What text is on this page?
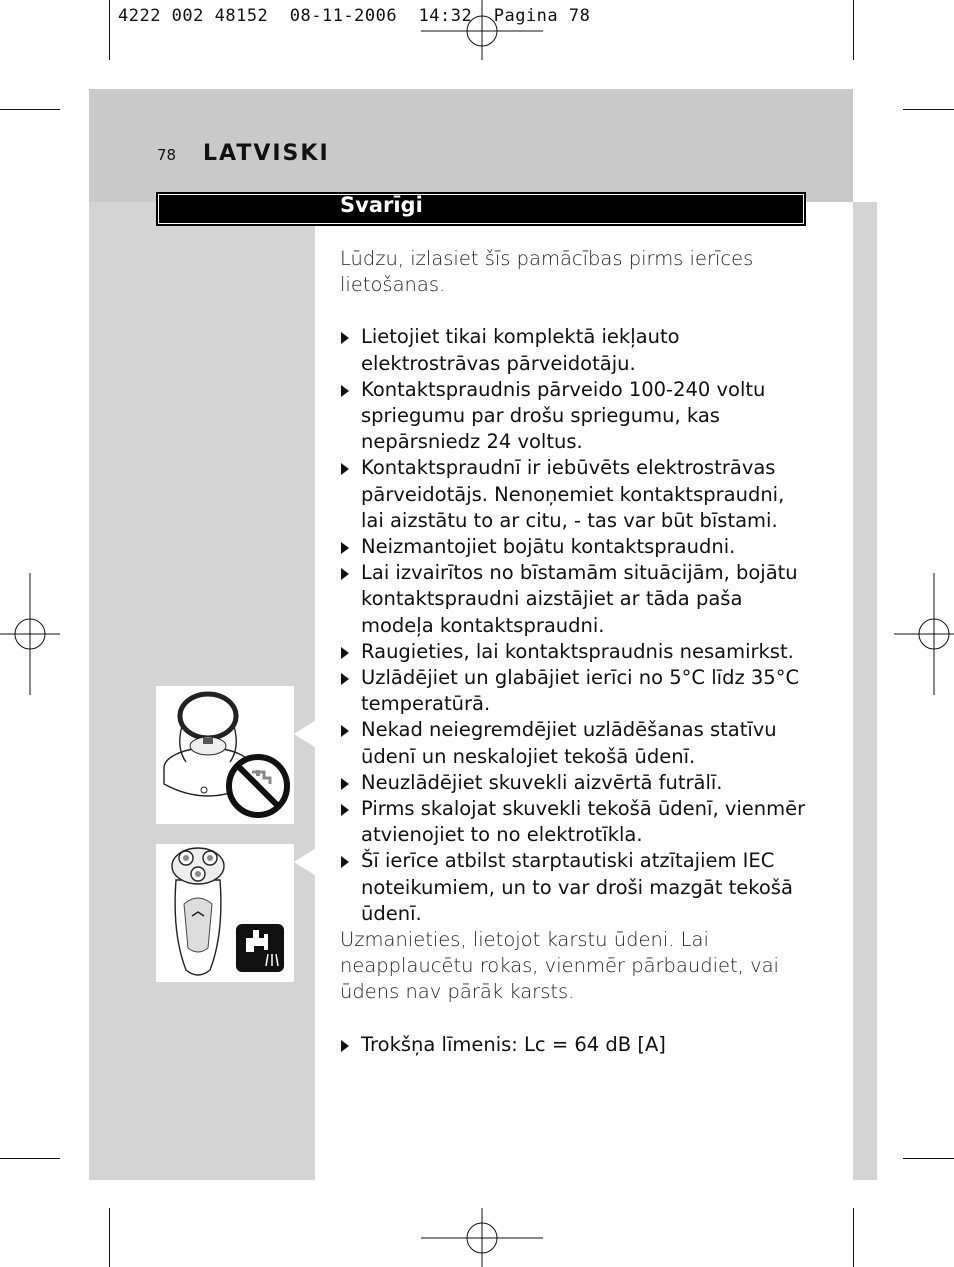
4222 002 48152  08-11-2006  14:32  Pagina 78
78 LATVISKI
Svarīgi

Lūdzu, izlasiet šīs pamācības pirms ierīces lietošanas.

Lietojiet tikai komplektā iekļauto elektrostrāvas pārveidotāju.

Kontaktspraudnis pārveido 100-240 voltu spriegumu par drošu spriegumu, kas nepārsniedz 24 voltus.

Kontaktspraudnī ir iebūvēts elektrostrāvas pārveidotājs. Nenoņemiet kontaktspraudni, lai aizstātu to ar citu, - tas var būt bīstami.

Neizmantojiet bojātu kontaktspraudni.

Lai izvairītos no bīstamām situācijām, bojātu kontaktspraudni aizstājiet ar tāda paša modeļa kontaktspraudni.

Raugieties, lai kontaktspraudnis nesamirkst.

Uzlādējiet un glabājiet ierīci no 5°C līdz 35°C temperatūrā.

Nekad neiegremdējiet uzlādēšanas statīvu ūdenī un neskalojiet tekošā ūdenī.

Neuzlādējiet skuvekli aizvērtā futrālī.

Pirms skalojat skuvekli tekošā ūdenī, vienmēr atvienojiet to no elektrotīkla.

Šī ierīce atbilst starptautiski atzītajiem IEC noteikumiem, un to var droši mazgāt tekošā ūdenī.

Uzmanieties, lietojot karstu ūdeni. Lai neapplaucētu rokas, vienmēr pārbaudiet, vai ūdens nav pārāk karsts.

Trokšņa līmenis: Lc = 64 dB [A]
